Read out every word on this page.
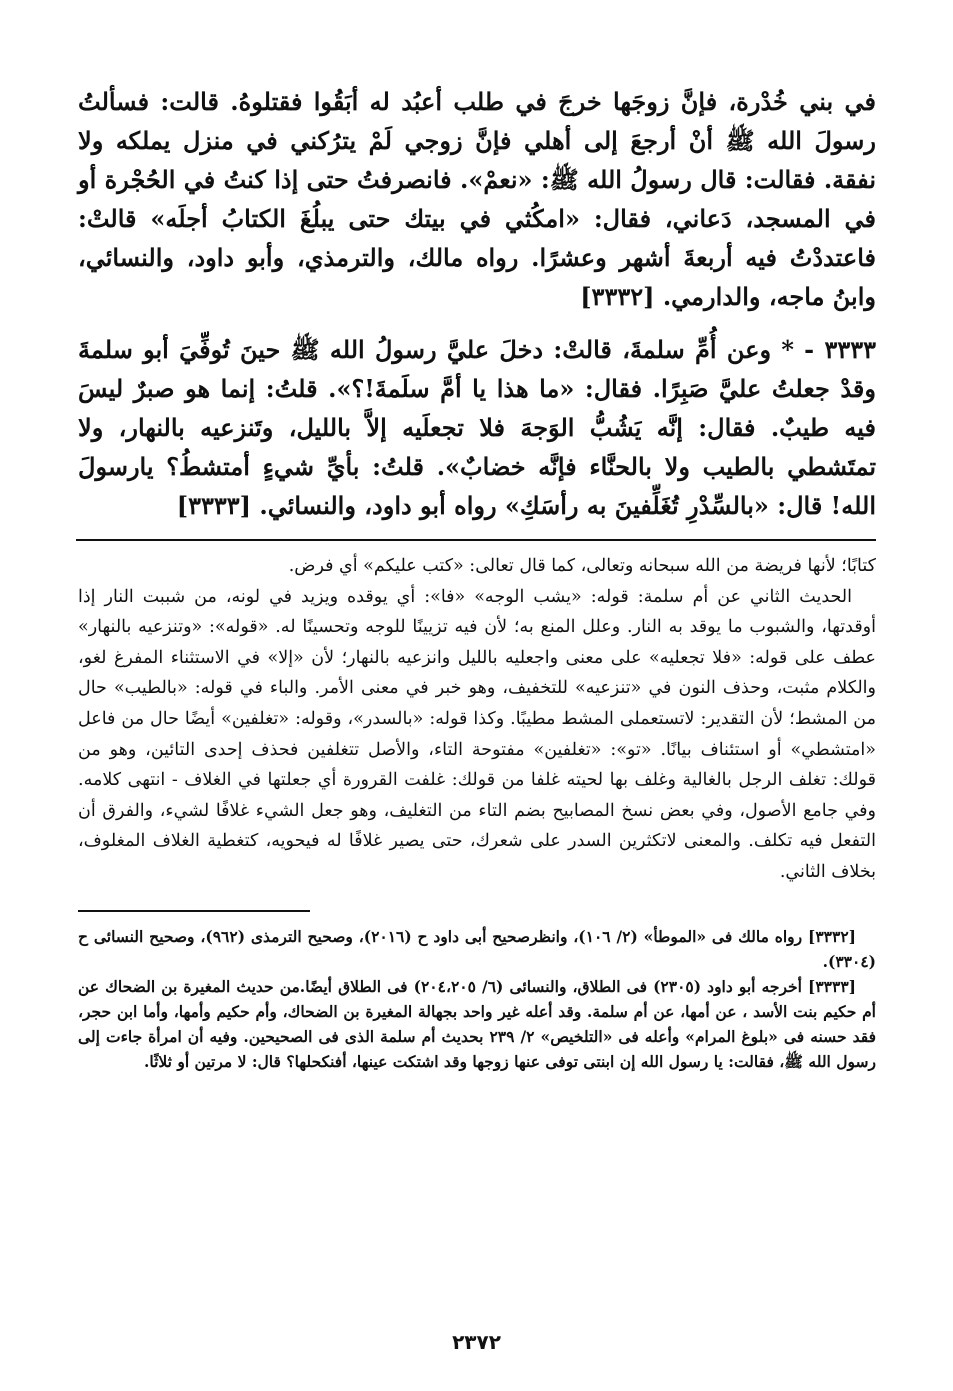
في بني خُدْرة، فإنَّ زوجَها خرجَ في طلب أعبُد له أبَقُوا فقتلوهُ. قالت: فسألتُ رسولَ الله ﷺ أنْ أرجعَ إلى أهلي فإنَّ زوجي لَمْ يترُكني في منزل يملكه ولا نفقة. فقالت: قال رسولُ الله ﷺ: «نعمْ». فانصرفتُ حتى إذا كنتُ في الحُجْرة أو في المسجد، دَعاني، فقال: «امكُثي في بيتك حتى يبلُغَ الكتابُ أجلَه» قالتْ: فاعتددْتُ فيه أربعةَ أشهر وعشرًا. رواه مالك، والترمذي، وأبو داود، والنسائي، وابنُ ماجه، والدارمي. [٣٣٣٢]

٣٣٣٣ - * وعن أُمِّ سلمةَ، قالتْ: دخلَ عليَّ رسولُ الله ﷺ حينَ تُوفِّيَ أبو سلمةَ وقدْ جعلتُ عليَّ صَبِرًا. فقال: «ما هذا يا أمَّ سلَمةَ!؟». قلتُ: إنما هو صبرٌ ليسَ فيه طيبٌ. فقال: إنَّه يَشُبُّ الوَجهَ فلا تجعلَيه إلاَّ بالليل، وتَنزعيه بالنهار، ولا تمتَشطي بالطيب ولا بالحنَّاء فإنَّه خضابٌ». قلتُ: بأيِّ شيءٍ أمتشطُ؟ يارسولَ الله! قال: «بالسِّدْرِ تُغَلِّفينَ به رأسَكِ» رواه أبو داود، والنسائي. [٣٣٣٣]

كتابًا؛ لأنها فريضة من الله سبحانه وتعالى، كما قال تعالى: «كتب عليكم» أي فرض.

الحديث الثاني عن أم سلمة: قوله: «يشب الوجه» «فا»: أي يوقده ويزيد في لونه، من شببت النار إذا أوقدتها، والشبوب ما يوقد به النار. وعلل المنع به؛ لأن فيه تزيينًا للوجه وتحسينًا له. «قوله»: «وتنزعيه بالنهار» عطف على قوله: «فلا تجعليه» على معنى واجعليه بالليل وانزعيه بالنهار؛ لأن «إلا» في الاستثناء المفرغ لغو، والكلام مثبت، وحذف النون في «تنزعيه» للتخفيف، وهو خبر في معنى الأمر. والباء في قوله: «بالطيب» حال من المشط؛ لأن التقدير: لاتستعملى المشط مطيبًا. وكذا قوله: «بالسدر»، وقوله: «تغلفين» أيضًا حال من فاعل «امتشطي» أو استئناف بيانًا. «تو»: «تغلفين» مفتوحة التاء، والأصل تتغلفين فحذف إحدى التائين، وهو من قولك: تغلف الرجل بالغالية وغلف بها لحيته غلفا من قولك: غلفت القرورة أي جعلتها في الغلاف - انتهى كلامه. وفي جامع الأصول، وفي بعض نسخ المصابيح بضم التاء من التغليف، وهو جعل الشيء غلافًا لشيء، والفرق أن التفعل فيه تكلف. والمعنى لاتكثرين السدر على شعرك، حتى يصير غلافًا له فيحويه، كتغطية الغلاف المغلوف، بخلاف الثاني.

[٣٣٣٢] رواه مالك فى «الموطأ» (٢/ ١٠٦)، وانظرصحيح أبى داود ح (٢٠١٦)، وصحيح الترمذى (٩٦٢)، وصحيح النسائى ح (٣٣٠٤).

[٣٣٣٣] أخرجه أبو داود (٢٣٠٥) فى الطلاق، والنسائى (٦/ ٢٠٤،٢٠٥) فى الطلاق أيضًا.من حديث المغيرة بن الضحاك عن أم حكيم بنت الأسد ، عن أمها، عن أم سلمة. وقد أعله غير واحد بجهالة المغيرة بن الضحاك، وأم حكيم وأمها، وأما ابن حجر، فقد حسنه فى «بلوغ المرام» وأعله فى «التلخيص» ٢/ ٢٣٩ بحديث أم سلمة الذى فى الصحيحين. وفيه أن امرأة جاءت إلى رسول الله ﷺ، فقالت: يا رسول الله إن ابنتى توفى عنها زوجها وقد اشتكت عينها، أفنكحلها؟ قال: لا مرتين أو ثلاثًا.

٢٣٧٢
